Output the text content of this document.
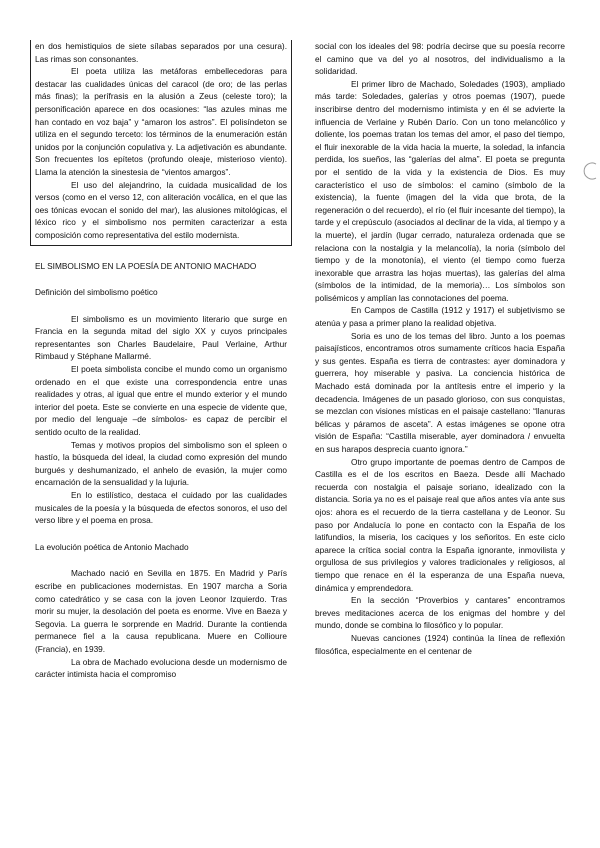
en dos hemistiquios de siete sílabas separados por una cesura). Las rimas son consonantes.

El poeta utiliza las metáforas embellecedoras para destacar las cualidades únicas del caracol (de oro; de las perlas más finas); la perífrasis en la alusión a Zeus (celeste toro); la personificación aparece en dos ocasiones: “las azules minas me han contado en voz baja” y “amaron los astros”. El polisíndeton se utiliza en el segundo terceto: los términos de la enumeración están unidos por la conjunción copulativa y. La adjetivación es abundante. Son frecuentes los epítetos (profundo oleaje, misterioso viento). Llama la atención la sinestesia de “vientos amargos”.

El uso del alejandrino, la cuidada musicalidad de los versos (como en el verso 12, con aliteración vocálica, en el que las oes tónicas evocan el sonido del mar), las alusiones mitológicas, el léxico rico y el simbolismo nos permiten caracterizar a esta composición como representativa del estilo modernista.

EL SIMBOLISMO EN LA POESÍA DE ANTONIO MACHADO

Definición del simbolismo poético

El simbolismo es un movimiento literario que surge en Francia en la segunda mitad del siglo XX y cuyos principales representantes son Charles Baudelaire, Paul Verlaine, Arthur Rimbaud y Stéphane Mallarmé.

El poeta simbolista concibe el mundo como un organismo ordenado en el que existe una correspondencia entre unas realidades y otras, al igual que entre el mundo exterior y el mundo interior del poeta. Este se convierte en una especie de vidente que, por medio del lenguaje –de símbolos- es capaz de percibir el sentido oculto de la realidad.

Temas y motivos propios del simbolismo son el spleen o hastío, la búsqueda del ideal, la ciudad como expresión del mundo burgués y deshumanizado, el anhelo de evasión, la mujer como encarnación de la sensualidad y la lujuria.

En lo estilístico, destaca el cuidado por las cualidades musicales de la poesía y la búsqueda de efectos sonoros, el uso del verso libre y el poema en prosa.

La evolución poética de Antonio Machado

Machado nació en Sevilla en 1875. En Madrid y París escribe en publicaciones modernistas. En 1907 marcha a Soria como catedrático y se casa con la joven Leonor Izquierdo. Tras morir su mujer, la desolación del poeta es enorme. Vive en Baeza y Segovia. La guerra le sorprende en Madrid. Durante la contienda permanece fiel a la causa republicana. Muere en Collioure (Francia), en 1939.

La obra de Machado evoluciona desde un modernismo de carácter intimista hacia el compromiso

social con los ideales del 98: podría decirse que su poesía recorre el camino que va del yo al nosotros, del individualismo a la solidaridad.

El primer libro de Machado, Soledades (1903), ampliado más tarde: Soledades, galerías y otros poemas (1907), puede inscribirse dentro del modernismo intimista y en él se advierte la influencia de Verlaine y Rubén Darío. Con un tono melancólico y doliente, los poemas tratan los temas del amor, el paso del tiempo, el fluir inexorable de la vida hacia la muerte, la soledad, la infancia perdida, los sueños, las “galerías del alma”. El poeta se pregunta por el sentido de la vida y la existencia de Dios. Es muy característico el uso de símbolos: el camino (símbolo de la existencia), la fuente (imagen del la vida que brota, de la regeneración o del recuerdo), el río (el fluir incesante del tiempo), la tarde y el crepúsculo (asociados al declinar de la vida, al tiempo y a la muerte), el jardín (lugar cerrado, naturaleza ordenada que se relaciona con la nostalgia y la melancolía), la noria (símbolo del tiempo y de la monotonía), el viento (el tiempo como fuerza inexorable que arrastra las hojas muertas), las galerías del alma (símbolos de la intimidad, de la memoria)… Los símbolos son polisémicos y amplían las connotaciones del poema.

En Campos de Castilla (1912 y 1917) el subjetivismo se atenúa y pasa a primer plano la realidad objetiva.

Soria es uno de los temas del libro. Junto a los poemas paisajísticos, encontramos otros sumamente críticos hacia España y sus gentes. España es tierra de contrastes: ayer dominadora y guerrera, hoy miserable y pasiva. La conciencia histórica de Machado está dominada por la antítesis entre el imperio y la decadencia. Imágenes de un pasado glorioso, con sus conquistas, se mezclan con visiones místicas en el paisaje castellano: “llanuras bélicas y páramos de asceta”. A estas imágenes se opone otra visión de España: “Castilla miserable, ayer dominadora / envuelta en sus harapos desprecia cuanto ignora.”

Otro grupo importante de poemas dentro de Campos de Castilla es el de los escritos en Baeza. Desde allí Machado recuerda con nostalgia el paisaje soriano, idealizado con la distancia. Soria ya no es el paisaje real que años antes vía ante sus ojos: ahora es el recuerdo de la tierra castellana y de Leonor. Su paso por Andalucía lo pone en contacto con la España de los latifundios, la miseria, los caciques y los señoritos. En este ciclo aparece la crítica social contra la España ignorante, inmovilista y orgullosa de sus privilegios y valores tradicionales y religiosos, al tiempo que renace en él la esperanza de una España nueva, dinámica y emprendedora.

En la sección “Proverbios y cantares” encontramos breves meditaciones acerca de los enigmas del hombre y del mundo, donde se combina lo filosófico y lo popular.

Nuevas canciones (1924) continúa la línea de reflexión filosófica, especialmente en el centenar de
